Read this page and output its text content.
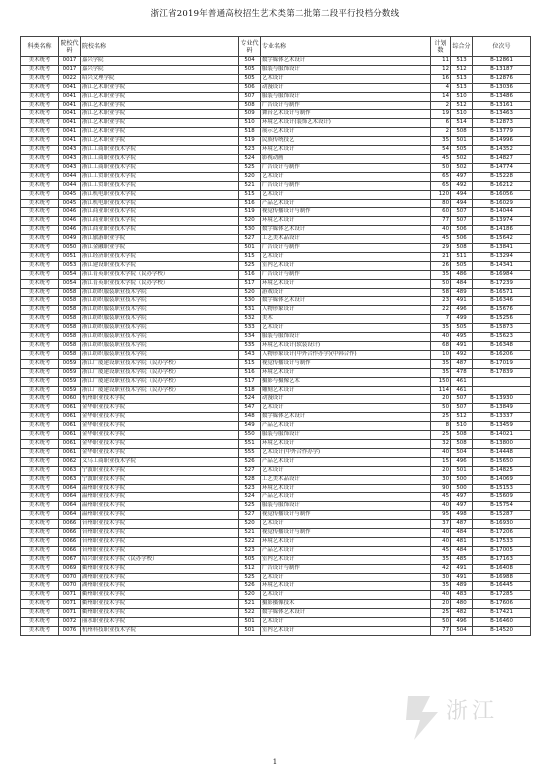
浙江省2019年普通高校招生艺术类第二批第二段平行投档分数线
科类名称	院校代码	院校名称	专业代码	专业名称	计划数	综合分	位次号
美术统考	0017	嘉兴学院	504	数字媒体艺术设计	11	513	B-12861
美术统考	0017	嘉兴学院	505	服装与服饰设计	12	512	B-13187
美术统考	0022	绍兴文理学院	505	艺术设计	16	513	B-12876
美术统考	0041	浙江艺术职业学院	506	动漫设计	4	513	B-13036
美术统考	0041	浙江艺术职业学院	507	服装与服饰设计	14	510	B-13486
美术统考	0041	浙江艺术职业学院	508	广告设计与制作	2	512	B-13161
美术统考	0041	浙江艺术职业学院	509	舞台艺术设计与制作	19	510	B-13463
美术统考	0041	浙江艺术职业学院	510	环境艺术设计(装饰艺术设计)	6	514	B-12873
美术统考	0041	浙江艺术职业学院	518	展示艺术设计	2	508	B-13779
美术统考	0041	浙江艺术职业学院	519	民族传统技艺	35	501	B-14996
美术统考	0043	浙江工商职业技术学院	523	环境艺术设计	54	505	B-14352
美术统考	0043	浙江工商职业技术学院	524	影视动画	45	502	B-14827
美术统考	0043	浙江工商职业技术学院	525	广告设计与制作	50	502	B-14774
美术统考	0044	浙江工贸职业技术学院	520	艺术设计	65	497	B-15228
美术统考	0044	浙江工贸职业技术学院	521	广告设计与制作	65	492	B-16212
美术统考	0045	浙江机电职业技术学院	515	艺术设计	120	494	B-16056
美术统考	0045	浙江机电职业技术学院	516	产品艺术设计	80	494	B-16029
美术统考	0046	浙江商业职业技术学院	519	视觉传播设计与制作	60	507	B-14044
美术统考	0046	浙江商业职业技术学院	520	环境艺术设计	77	507	B-13974
美术统考	0046	浙江商业职业技术学院	530	数字媒体艺术设计	40	506	B-14186
美术统考	0049	浙江旅游职业学院	527	工艺美术品设计	45	506	B-15642
美术统考	0050	浙江金融职业学院	501	广告设计与制作	29	508	B-13841
美术统考	0051	浙江经济职业技术学院	515	艺术设计	21	511	B-13294
美术统考	0053	浙江建设职业技术学院	525	室内艺术设计	26	505	B-14341
美术统考	0054	浙江育英职业技术学院（民办学校）	516	广告设计与制作	35	486	B-16984
美术统考	0054	浙江育英职业技术学院（民办学校）	517	环境艺术设计	50	484	B-17239
美术统考	0058	浙江纺织服装职业技术学院	520	游戏设计	58	489	B-16571
美术统考	0058	浙江纺织服装职业技术学院	530	数字媒体艺术设计	23	491	B-16346
美术统考	0058	浙江纺织服装职业技术学院	531	人物形象设计	22	496	B-15676
美术统考	0058	浙江纺织服装职业技术学院	532	美术	7	499	B-15256
美术统考	0058	浙江纺织服装职业技术学院	533	艺术设计	35	505	B-15873
美术统考	0058	浙江纺织服装职业技术学院	534	服装与服饰设计	40	495	B-15623
美术统考	0058	浙江纺织服装职业技术学院	535	环境艺术设计(软装设计)	68	491	B-16348
美术统考	0058	浙江纺织服装职业技术学院	543	人物形象设计(中外合作办学)(中韩合作)	10	492	B-16206
美术统考	0059	浙江广厦建设职业技术学院（民办学校）	515	视觉传播设计与制作	35	487	B-17019
美术统考	0059	浙江广厦建设职业技术学院（民办学校）	516	环境艺术设计	35	478	B-17839
美术统考	0059	浙江广厦建设职业技术学院（民办学校）	517	摄影与摄像艺术	150	461	
美术统考	0059	浙江广厦建设职业技术学院（民办学校）	518	雕刻艺术设计	114	461	
美术统考	0060	杭州职业技术学院	524	动漫设计	20	507	B-13930
美术统考	0061	金华职业技术学院	547	艺术设计	50	507	B-13849
美术统考	0061	金华职业技术学院	548	数字媒体艺术设计	25	512	B-13337
美术统考	0061	金华职业技术学院	549	产品艺术设计	8	510	B-13459
美术统考	0061	金华职业技术学院	550	服装与服饰设计	25	508	B-14021
美术统考	0061	金华职业技术学院	551	环境艺术设计	32	508	B-13800
美术统考	0061	金华职业技术学院	555	艺术设计(中外合作办学)	40	504	B-14448
美术统考	0062	义乌工商职业技术学院	526	产品艺术设计	15	496	B-15650
美术统考	0063	宁波职业技术学院	527	艺术设计	20	501	B-14825
美术统考	0063	宁波职业技术学院	528	工艺美术品设计	30	500	B-14069
美术统考	0064	温州职业技术学院	523	环境艺术设计	90	500	B-15153
美术统考	0064	温州职业技术学院	524	产品艺术设计	45	497	B-15609
美术统考	0064	温州职业技术学院	525	服装与服饰设计	40	497	B-15754
美术统考	0064	温州职业技术学院	527	视觉传播设计与制作	95	498	B-15287
美术统考	0066	台州职业技术学院	520	艺术设计	37	487	B-16930
美术统考	0066	台州职业技术学院	521	视觉传播设计与制作	40	484	B-17206
美术统考	0066	台州职业技术学院	522	环境艺术设计	40	481	B-17533
美术统考	0066	台州职业技术学院	523	产品艺术设计	45	484	B-17005
美术统考	0067	绍兴职业技术学院（民办学校）	505	室内艺术设计	35	485	B-17163
美术统考	0069	衢州职业技术学院	512	广告设计与制作	42	491	B-16408
美术统考	0070	湖州职业技术学院	525	艺术设计	30	491	B-16988
美术统考	0070	湖州职业技术学院	526	环境艺术设计	35	489	B-16445
美术统考	0071	衢州职业技术学院	520	艺术设计	40	483	B-17285
美术统考	0071	衢州职业技术学院	521	摄影摄像技术	20	480	B-17606
美术统考	0071	衢州职业技术学院	522	数字媒体艺术设计	25	482	B-17421
美术统考	0072	丽水职业技术学院	501	艺术设计	50	496	B-16460
美术统考	0076	杭州科技职业技术学院	501	室内艺术设计	77	504	B-14520
浙江
1
